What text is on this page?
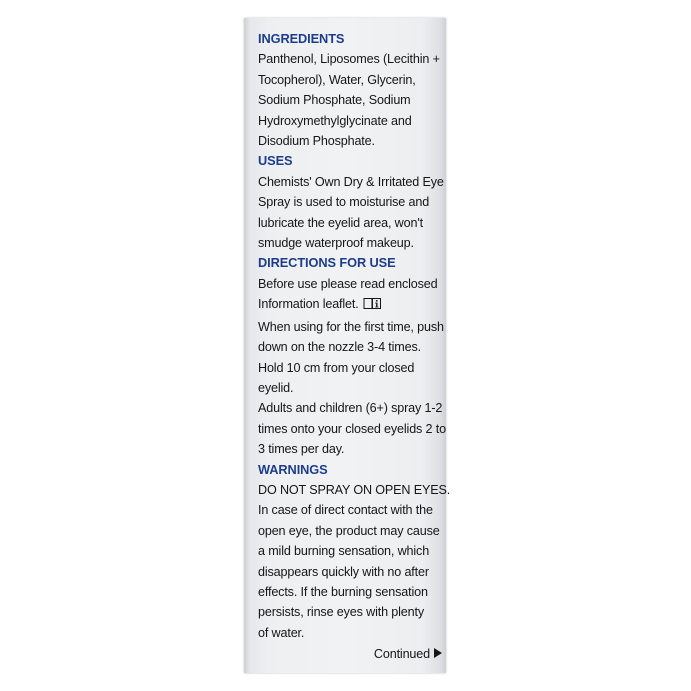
INGREDIENTS
Panthenol, Liposomes (Lecithin +
Tocopherol), Water, Glycerin,
Sodium Phosphate, Sodium
Hydroxymethylglycinate and
Disodium Phosphate.
USES
Chemists' Own Dry & Irritated Eye
Spray is used to moisturise and
lubricate the eyelid area, won't
smudge waterproof makeup.
DIRECTIONS FOR USE
Before use please read enclosed
Information leaflet.
When using for the first time, push
down on the nozzle 3-4 times.
Hold 10 cm from your closed
eyelid.
Adults and children (6+) spray 1-2
times onto your closed eyelids 2 to
3 times per day.
WARNINGS
DO NOT SPRAY ON OPEN EYES.
In case of direct contact with the
open eye, the product may cause
a mild burning sensation, which
disappears quickly with no after
effects. If the burning sensation
persists, rinse eyes with plenty
of water.
Continued
